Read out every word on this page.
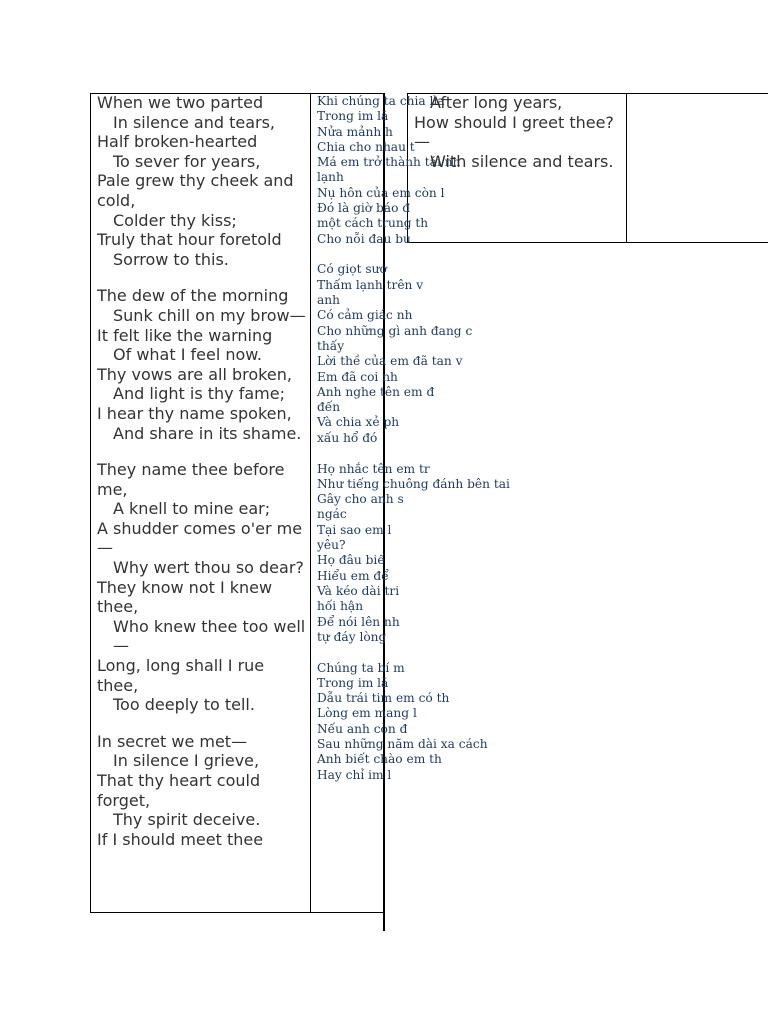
When we two parted
In silence and tears,
Half broken-hearted
To sever for years,
Pale grew thy cheek and cold,
Colder thy kiss;
Truly that hour foretold
Sorrow to this.
The dew of the morning
Sunk chill on my brow—
It felt like the warning
Of what I feel now.
Thy vows are all broken,
And light is thy fame;
I hear thy name spoken,
And share in its shame.
They name thee before me,
A knell to mine ear;
A shudder comes o'er me—
Why wert thou so dear?
They know not I knew thee,
Who knew thee too well—
Long, long shall I rue thee,
Too deeply to tell.
In secret we met—
In silence I grieve,
That thy heart could forget,
Thy spirit deceive.
If I should meet thee
Khi chúng ta chia lìa
Trong im lặ
Nửa mảnh h
Chia cho nhau t
Má em trở thành tái nh
lạnh
Nụ hôn của em còn l
Đó là giờ báo đ
một cách trung th
Cho nỗi đau bu
Có giọt sươ
Thấm lạnh trên v
anh
Có cảm giác nh
Cho những gì anh đang c
thấy
Lời thề của em đã tan v
Em đã coi nh
Anh nghe tên em đ
đến
Và chia xẻ ph
xấu hổ đó
Họ nhắc tên em tr
Như tiếng chuông đánh bên tai
Gây cho anh s
ngác
Tại sao em l
yêu?
Họ đâu biế
Hiểu em để
Và kéo dài tri
hối hận
Để nói lên nh
tự đáy lòng
Chúng ta bí m
Trong im lặ
Dẫu trái tim em có th
Lòng em mang l
Nếu anh còn đ
Sau những năm dài xa cách
Anh biết chào em th
Hay chỉ im l
After long years,
How should I greet thee? —
With silence and tears.
